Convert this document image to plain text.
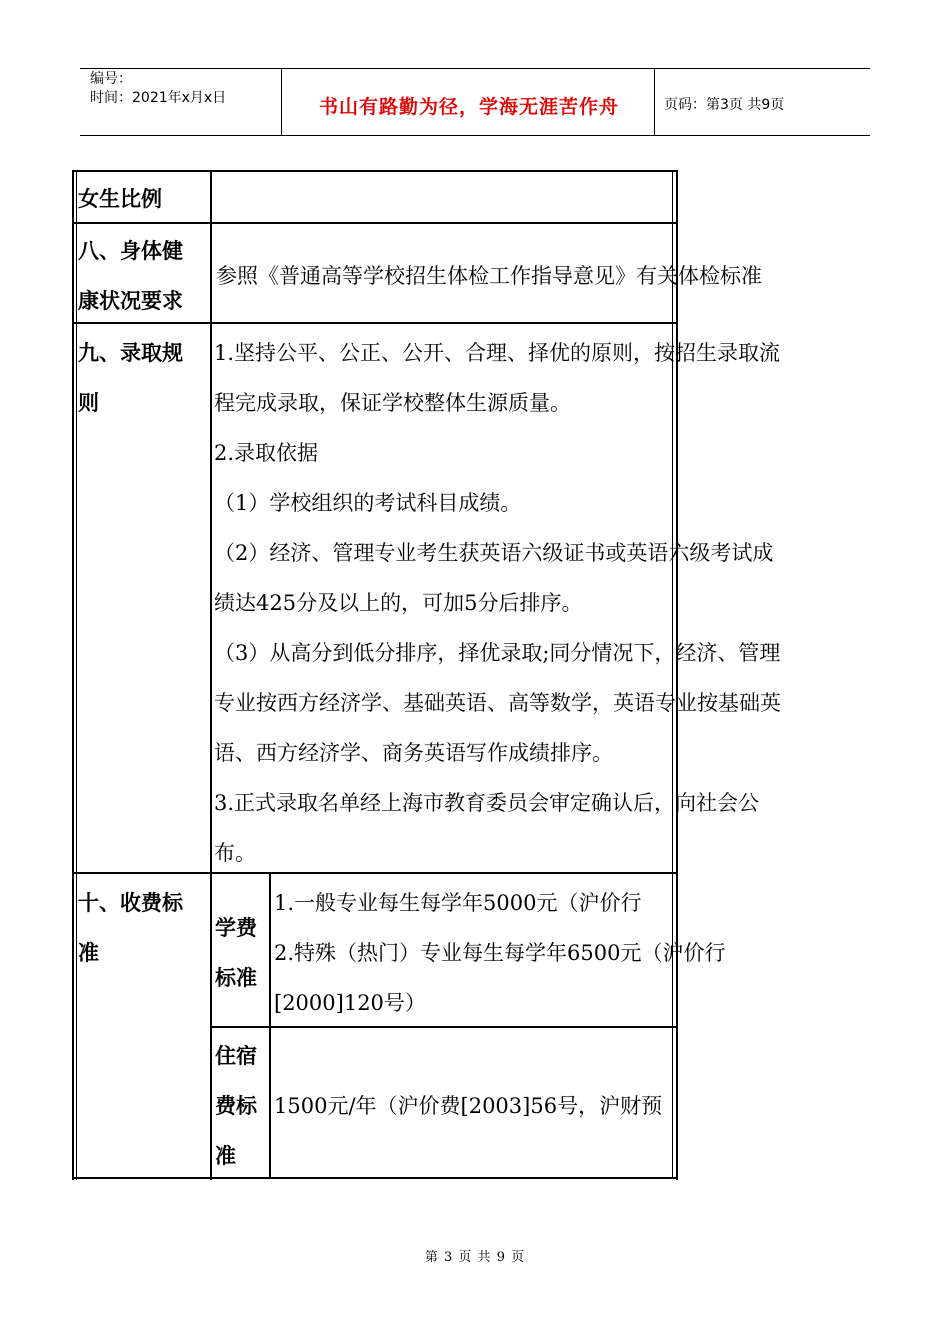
编号：
时间：2021年x月x日	书山有路勤为径，学海无涯苦作舟	页码：第3页 共9页
女生比例
八、身体健
康状况要求
参照《普通高等学校招生体检工作指导意见》有关体检标准
九、录取规
则
1.坚持公平、公正、公开、合理、择优的原则，按招生录取流
程完成录取，保证学校整体生源质量。
2.录取依据
（1）学校组织的考试科目成绩。
（2）经济、管理专业考生获英语六级证书或英语六级考试成
绩达425分及以上的，可加5分后排序。
（3）从高分到低分排序，择优录取;同分情况下，经济、管理
专业按西方经济学、基础英语、高等数学，英语专业按基础英
语、西方经济学、商务英语写作成绩排序。
3.正式录取名单经上海市教育委员会审定确认后，向社会公
布。
十、收费标
准
学费
标准
1.一般专业每生每学年5000元（沪价行
2.特殊（热门）专业每生每学年6500元（沪价行
[2000]120号）
住宿
费标
准
1500元/年（沪价费[2003]56号，沪财预
第 3 页 共 9 页
